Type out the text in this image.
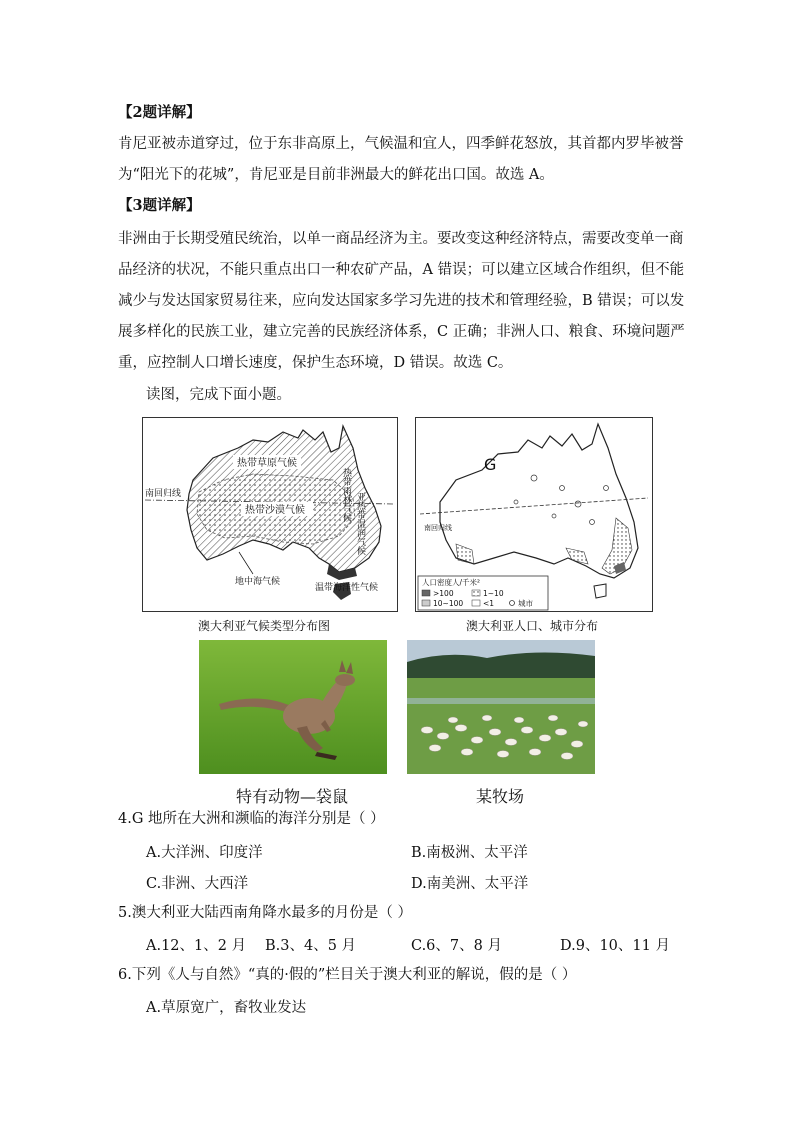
【2题详解】
肯尼亚被赤道穿过，位于东非高原上，气候温和宜人，四季鲜花怒放，其首都内罗毕被誉
为“阳光下的花城”，肯尼亚是目前非洲最大的鲜花出口国。故选 A。
【3题详解】
非洲由于长期受殖民统治，以单一商品经济为主。要改变这种经济特点，需要改变单一商
品经济的状况，不能只重点出口一种农矿产品，A 错误；可以建立区域合作组织，但不能
减少与发达国家贸易往来，应向发达国家多学习先进的技术和管理经验，B 错误；可以发
展多样化的民族工业，建立完善的民族经济体系，C 正确；非洲人口、粮食、环境问题严
重，应控制人口增长速度，保护生态环境，D 错误。故选 C。
读图，完成下面小题。
南回归线
热带草原气候
热带沙漠气候
地中海气候
温带海洋性气候
热带雨林气候 亚热带湿润气候
澳大利亚气候类型分布图
南回归线
G
人口密度人/千米²
>100	1~10
10~100	<1	城市
澳大利亚人口、城市分布
特有动物—袋鼠	某牧场
4.G 地所在大洲和濒临的海洋分别是（ ）
A.大洋洲、印度洋	B.南极洲、太平洋
C.非洲、大西洋	D.南美洲、太平洋
5.澳大利亚大陆西南角降水最多的月份是（ ）
A.12、1、2 月 B.3、4、5 月	C.6、7、8 月	D.9、10、11 月
6.下列《人与自然》“真的·假的”栏目关于澳大利亚的解说，假的是（ ）
A.草原宽广，畜牧业发达
